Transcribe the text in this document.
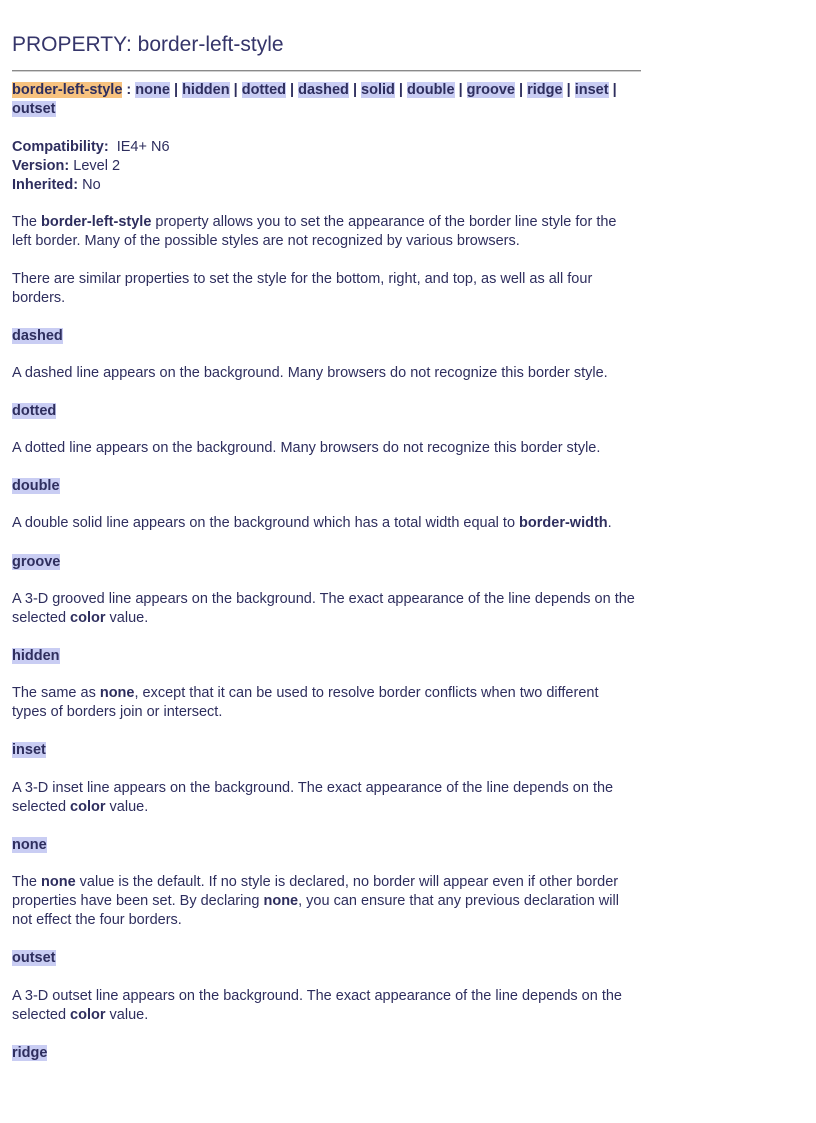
PROPERTY: border-left-style
border-left-style : none | hidden | dotted | dashed | solid | double | groove | ridge | inset | outset
Compatibility: IE4+ N6
Version: Level 2
Inherited: No
The border-left-style property allows you to set the appearance of the border line style for the left border. Many of the possible styles are not recognized by various browsers.
There are similar properties to set the style for the bottom, right, and top, as well as all four borders.
dashed
A dashed line appears on the background. Many browsers do not recognize this border style.
dotted
A dotted line appears on the background. Many browsers do not recognize this border style.
double
A double solid line appears on the background which has a total width equal to border-width.
groove
A 3-D grooved line appears on the background. The exact appearance of the line depends on the selected color value.
hidden
The same as none, except that it can be used to resolve border conflicts when two different types of borders join or intersect.
inset
A 3-D inset line appears on the background. The exact appearance of the line depends on the selected color value.
none
The none value is the default. If no style is declared, no border will appear even if other border properties have been set. By declaring none, you can ensure that any previous declaration will not effect the four borders.
outset
A 3-D outset line appears on the background. The exact appearance of the line depends on the selected color value.
ridge
